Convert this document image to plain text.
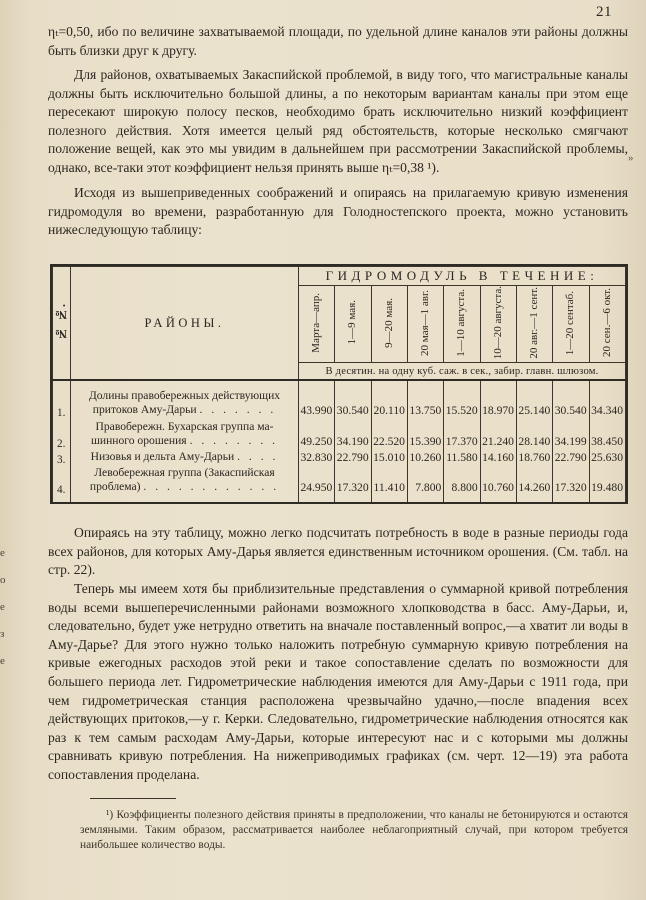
21

ηₜ=0,50, ибо по величине захватываемой площади, по удельной длине каналов эти районы должны быть близки друг к другу.

Для районов, охватываемых Закаспийской проблемой, в виду того, что магистральные каналы должны быть исключительно большой длины, а по некоторым вариантам каналы при этом еще пересекают широкую полосу песков, необходимо брать исключительно низкий коэффициент полезного действия. Хотя имеется целый ряд обстоятельств, которые несколько смягчают положение вещей, как это мы увидим в дальнейшем при рассмотрении Закаспийской проблемы, однако, все-таки этот коэффициент нельзя принять выше ηₜ=0,38 ¹).

Исходя из вышеприведенных соображений и опираясь на прилагаемую кривую изменения гидромодуля во времени, разработанную для Голодностепского проекта, можно установить нижеследующую таблицу:

»
№ №.	РАЙОНЫ.	ГИДРОМОДУЛЬ В ТЕЧЕНИЕ:								
		Марта—апр.	1—9 мая.	9—20 мая.	20 мая—1 авг.	1—10 августа.	10—20 августа.	20 авг.—1 сент.	1—20 сентаб.	20 сен.—6 окт.
		В десятин. на одну куб. саж. в сек., забир. главн. шлюзом.								

1.	Долины правобережных действующих
притоков Аму-Дарьи . . . . . . .	43.990	30.540	20.110	13.750	15.520	18.970	25.140	30.540	34.340
2.	Правобережн. Бухарская группа ма-
шинного орошения . . . . . . . .	49.250	34.190	22.520	15.390	17.370	21.240	28.140	34.199	38.450
3.	Низовья и дельта Аму-Дарьи . . . .	32.830	22.790	15.010	10.260	11.580	14.160	18.760	22.790	25.630
4.	Левобережная группа (Закаспийская
проблема) . . . . . . . . . . . .	24.950	17.320	11.410	7.800	8.800	10.760	14.260	17.320	19.480

е
о
е
з
е

Опираясь на эту таблицу, можно легко подсчитать потребность в воде в разные периоды года всех районов, для которых Аму-Дарья является единственным источником орошения. (См. табл. на стр. 22).

Теперь мы имеем хотя бы приблизительные представления о суммарной кривой потребления воды всеми вышеперечисленными районами возможного хлопководства в басс. Аму-Дарьи, и, следовательно, будет уже нетрудно ответить на вначале поставленный вопрос,—а хватит ли воды в Аму-Дарье? Для этого нужно только наложить потребную суммарную кривую потребления на кривые ежегодных расходов этой реки и такое сопоставление сделать по возможности для большего периода лет. Гидрометрические наблюдения имеются для Аму-Дарьи с 1911 года, при чем гидрометрическая станция расположена чрезвычайно удачно,—после впадения всех действующих притоков,—у г. Керки. Следовательно, гидрометрические наблюдения относятся как раз к тем самым расходам Аму-Дарьи, которые интересуют нас и с которыми мы должны сравнивать кривую потребления. На нижеприводимых графиках (см. черт. 12—19) эта работа сопоставления проделана.

¹) Коэффициенты полезного действия приняты в предположении, что каналы не бетонируются и остаются земляными. Таким образом, рассматривается наиболее неблагоприятный случай, при котором требуется наибольшее количество воды.
